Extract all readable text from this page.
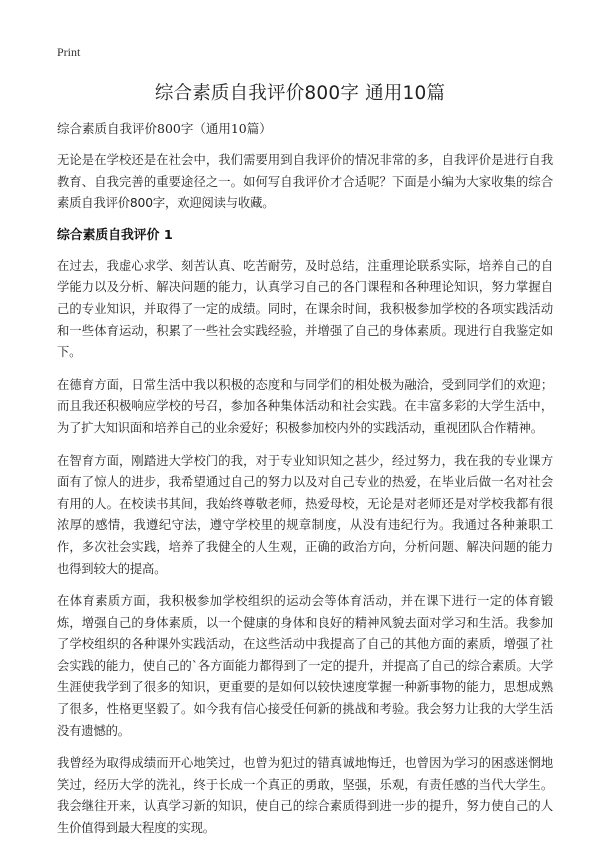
Print
综合素质自我评价800字 通用10篇
综合素质自我评价800字（通用10篇）

无论是在学校还是在社会中，我们需要用到自我评价的情况非常的多，自我评价是进行自我教育、自我完善的重要途径之一。如何写自我评价才合适呢？下面是小编为大家收集的综合素质自我评价800字，欢迎阅读与收藏。

综合素质自我评价 1

在过去，我虚心求学、刻苦认真、吃苦耐劳，及时总结，注重理论联系实际，培养自己的自学能力以及分析、解决问题的能力，认真学习自己的各门课程和各种理论知识，努力掌握自己的专业知识，并取得了一定的成绩。同时，在课余时间，我积极参加学校的各项实践活动和一些体育运动，积累了一些社会实践经验，并增强了自己的身体素质。现进行自我鉴定如下。

在德育方面，日常生活中我以积极的态度和与同学们的相处极为融洽，受到同学们的欢迎；而且我还积极响应学校的号召，参加各种集体活动和社会实践。在丰富多彩的大学生活中，为了扩大知识面和培养自己的业余爱好；积极参加校内外的实践活动，重视团队合作精神。

在智育方面，刚踏进大学校门的我，对于专业知识知之甚少，经过努力，我在我的专业课方面有了惊人的进步，我希望通过自己的努力以及对自己专业的热爱，在毕业后做一名对社会有用的人。在校读书其间，我始终尊敬老师，热爱母校，无论是对老师还是对学校我都有很浓厚的感情，我遵纪守法，遵守学校里的规章制度，从没有违纪行为。我通过各种兼职工作，多次社会实践，培养了我健全的人生观，正确的政治方向，分析问题、解决问题的能力也得到较大的提高。

在体育素质方面，我积极参加学校组织的运动会等体育活动，并在课下进行一定的体育锻炼，增强自己的身体素质，以一个健康的身体和良好的精神风貌去面对学习和生活。我参加了学校组织的各种课外实践活动，在这些活动中我提高了自己的其他方面的素质，增强了社会实践的能力，使自己的`各方面能力都得到了一定的提升，并提高了自己的综合素质。大学生涯使我学到了很多的知识，更重要的是如何以较快速度掌握一种新事物的能力，思想成熟了很多，性格更坚毅了。如今我有信心接受任何新的挑战和考验。我会努力让我的大学生活没有遗憾的。

我曾经为取得成绩而开心地笑过，也曾为犯过的错真诚地悔迁，也曾因为学习的困惑迷惘地笑过，经历大学的洗礼，终于长成一个真正的勇敢，坚强，乐观，有责任感的当代大学生。我会继往开来，认真学习新的知识，使自己的综合素质得到进一步的提升，努力使自己的人生价值得到最大程度的实现。
